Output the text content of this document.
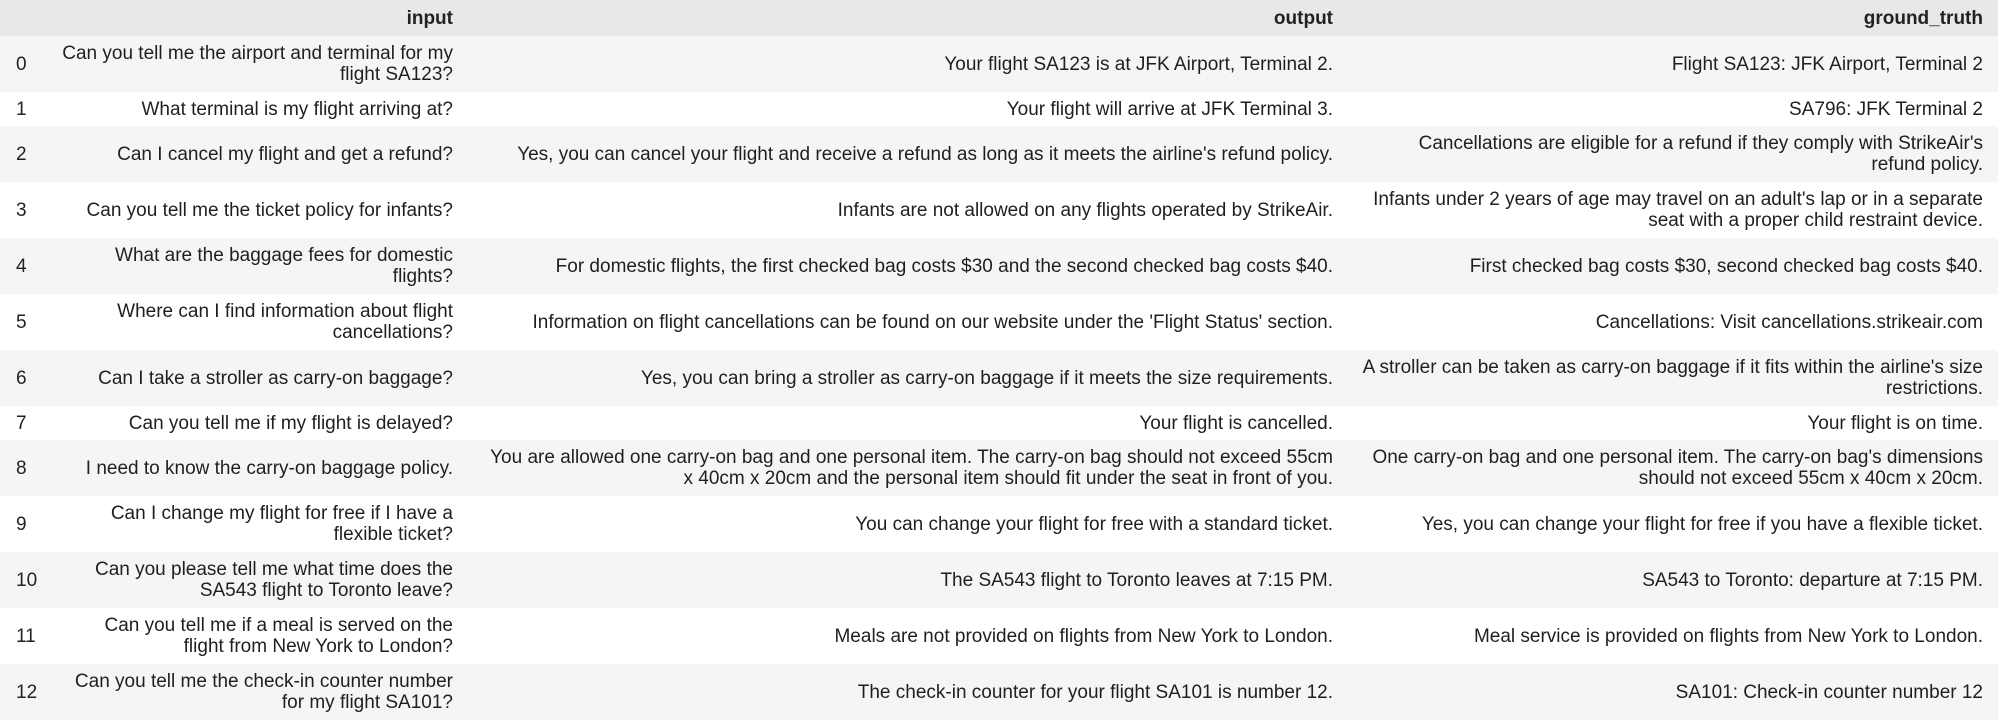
	input	output	ground_truth
0	Can you tell me the airport and terminal for my flight SA123?	Your flight SA123 is at JFK Airport, Terminal 2.	Flight SA123: JFK Airport, Terminal 2
1	What terminal is my flight arriving at?	Your flight will arrive at JFK Terminal 3.	SA796: JFK Terminal 2
2	Can I cancel my flight and get a refund?	Yes, you can cancel your flight and receive a refund as long as it meets the airline's refund policy.	Cancellations are eligible for a refund if they comply with StrikeAir's refund policy.
3	Can you tell me the ticket policy for infants?	Infants are not allowed on any flights operated by StrikeAir.	Infants under 2 years of age may travel on an adult's lap or in a separate seat with a proper child restraint device.
4	What are the baggage fees for domestic flights?	For domestic flights, the first checked bag costs $30 and the second checked bag costs $40.	First checked bag costs $30, second checked bag costs $40.
5	Where can I find information about flight cancellations?	Information on flight cancellations can be found on our website under the 'Flight Status' section.	Cancellations: Visit cancellations.strikeair.com
6	Can I take a stroller as carry-on baggage?	Yes, you can bring a stroller as carry-on baggage if it meets the size requirements.	A stroller can be taken as carry-on baggage if it fits within the airline's size restrictions.
7	Can you tell me if my flight is delayed?	Your flight is cancelled.	Your flight is on time.
8	I need to know the carry-on baggage policy.	You are allowed one carry-on bag and one personal item. The carry-on bag should not exceed 55cm x 40cm x 20cm and the personal item should fit under the seat in front of you.	One carry-on bag and one personal item. The carry-on bag's dimensions should not exceed 55cm x 40cm x 20cm.
9	Can I change my flight for free if I have a flexible ticket?	You can change your flight for free with a standard ticket.	Yes, you can change your flight for free if you have a flexible ticket.
10	Can you please tell me what time does the SA543 flight to Toronto leave?	The SA543 flight to Toronto leaves at 7:15 PM.	SA543 to Toronto: departure at 7:15 PM.
11	Can you tell me if a meal is served on the flight from New York to London?	Meals are not provided on flights from New York to London.	Meal service is provided on flights from New York to London.
12	Can you tell me the check-in counter number for my flight SA101?	The check-in counter for your flight SA101 is number 12.	SA101: Check-in counter number 12
